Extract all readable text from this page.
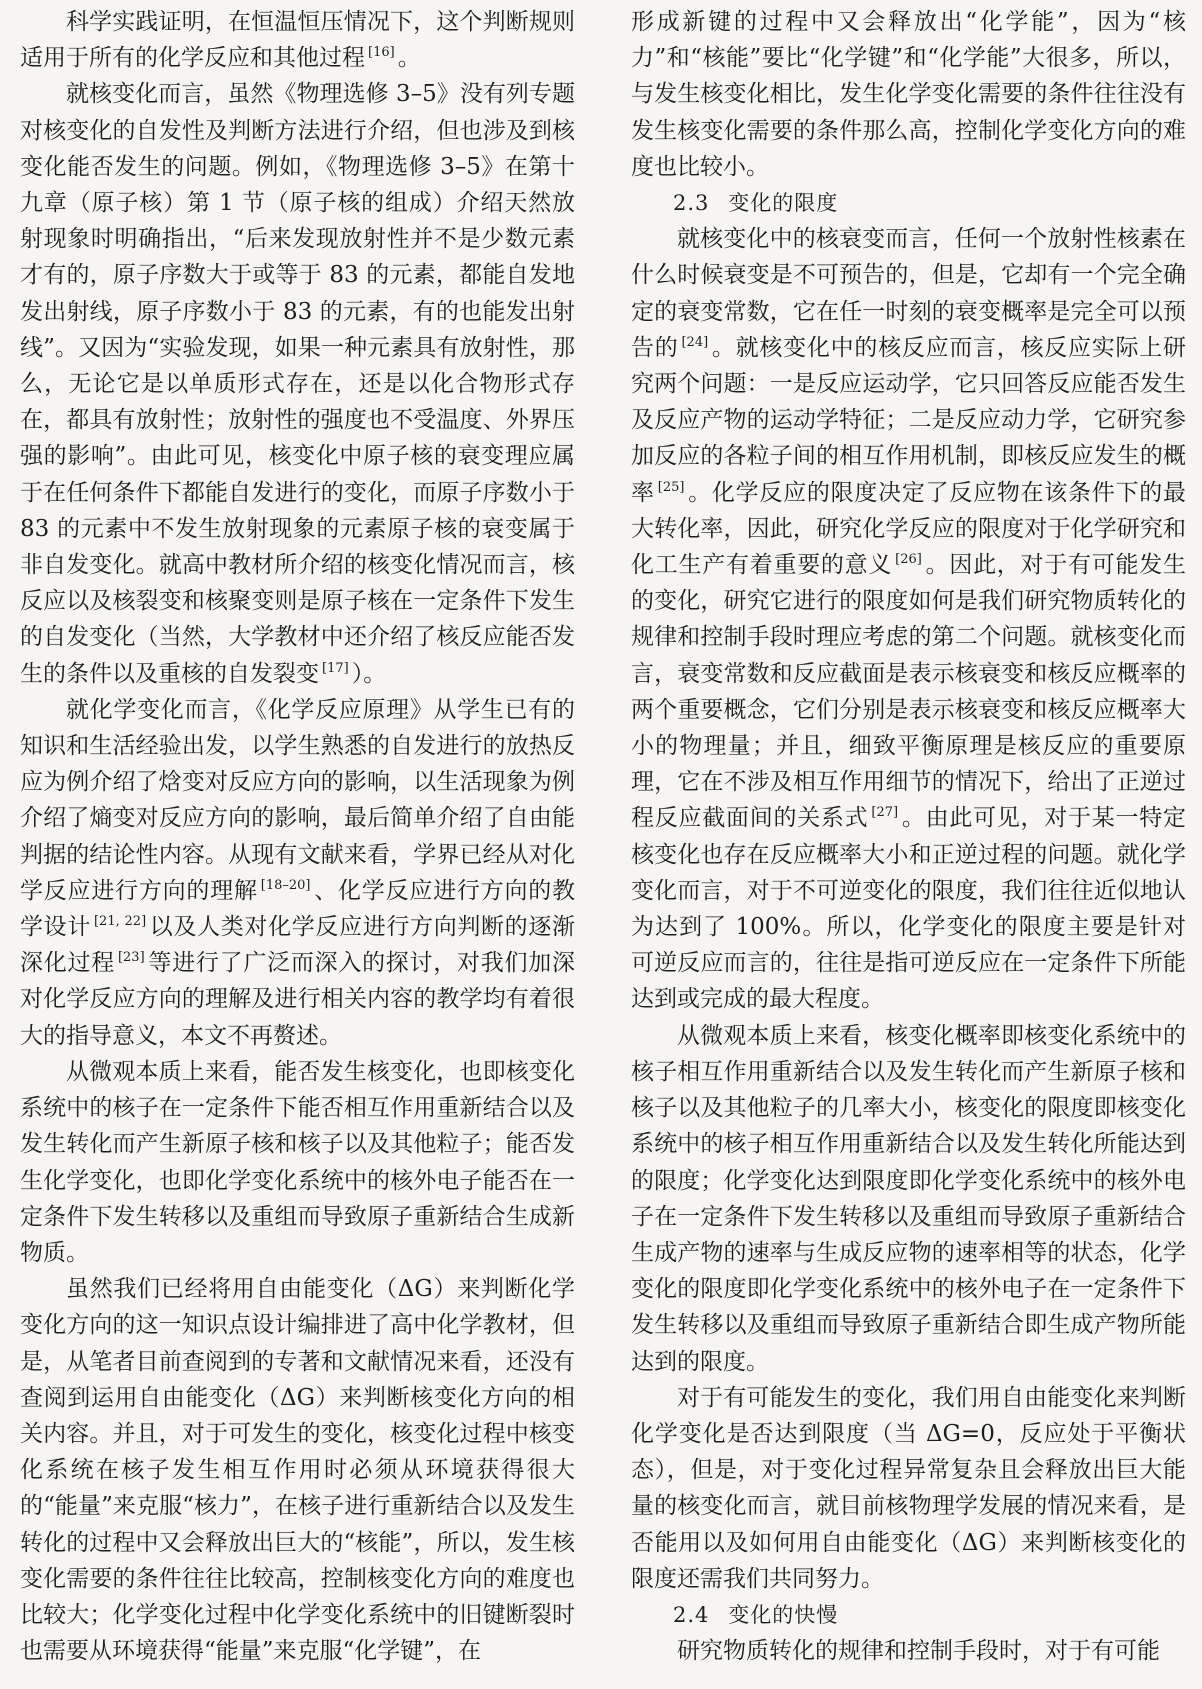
科学实践证明，在恒温恒压情况下，这个判断规则适用于所有的化学反应和其他过程 [16] 。

就核变化而言，虽然《物理选修 3–5》没有列专题对核变化的自发性及判断方法进行介绍，但也涉及到核变化能否发生的问题。例如，《物理选修 3–5》在第十九章（原子核）第 1 节（原子核的组成）介绍天然放射现象时明确指出，“后来发现放射性并不是少数元素才有的，原子序数大于或等于 83 的元素，都能自发地发出射线，原子序数小于 83 的元素，有的也能发出射线”。又因为“实验发现，如果一种元素具有放射性，那么，无论它是以单质形式存在，还是以化合物形式存在，都具有放射性；放射性的强度也不受温度、外界压强的影响”。由此可见，核变化中原子核的衰变理应属于在任何条件下都能自发进行的变化，而原子序数小于 83 的元素中不发生放射现象的元素原子核的衰变属于非自发变化。就高中教材所介绍的核变化情况而言，核反应以及核裂变和核聚变则是原子核在一定条件下发生的自发变化（当然，大学教材中还介绍了核反应能否发生的条件以及重核的自发裂变 [17] ）。

就化学变化而言，《化学反应原理》从学生已有的知识和生活经验出发，以学生熟悉的自发进行的放热反应为例介绍了焓变对反应方向的影响，以生活现象为例介绍了熵变对反应方向的影响，最后简单介绍了自由能判据的结论性内容。从现有文献来看，学界已经从对化学反应进行方向的理解 [18–20] 、化学反应进行方向的教学设计 [21, 22] 以及人类对化学反应进行方向判断的逐渐深化过程 [23] 等进行了广泛而深入的探讨，对我们加深对化学反应方向的理解及进行相关内容的教学均有着很大的指导意义，本文不再赘述。

从微观本质上来看，能否发生核变化，也即核变化系统中的核子在一定条件下能否相互作用重新结合以及发生转化而产生新原子核和核子以及其他粒子；能否发生化学变化，也即化学变化系统中的核外电子能否在一定条件下发生转移以及重组而导致原子重新结合生成新物质。

虽然我们已经将用自由能变化（ΔG）来判断化学变化方向的这一知识点设计编排进了高中化学教材，但是，从笔者目前查阅到的专著和文献情况来看，还没有查阅到运用自由能变化（ΔG）来判断核变化方向的相关内容。并且，对于可发生的变化，核变化过程中核变化系统在核子发生相互作用时必须从环境获得很大的“能量”来克服“核力”，在核子进行重新结合以及发生转化的过程中又会释放出巨大的“核能”，所以，发生核变化需要的条件往往比较高，控制核变化方向的难度也比较大；化学变化过程中化学变化系统中的旧键断裂时也需要从环境获得“能量”来克服“化学键”，在

形成新键的过程中又会释放出“化学能”，因为“核力”和“核能”要比“化学键”和“化学能”大很多，所以，与发生核变化相比，发生化学变化需要的条件往往没有发生核变化需要的条件那么高，控制化学变化方向的难度也比较小。

2.3 变化的限度

就核变化中的核衰变而言，任何一个放射性核素在什么时候衰变是不可预告的，但是，它却有一个完全确定的衰变常数，它在任一时刻的衰变概率是完全可以预告的 [24] 。就核变化中的核反应而言，核反应实际上研究两个问题：一是反应运动学，它只回答反应能否发生及反应产物的运动学特征；二是反应动力学，它研究参加反应的各粒子间的相互作用机制，即核反应发生的概率 [25] 。化学反应的限度决定了反应物在该条件下的最大转化率，因此，研究化学反应的限度对于化学研究和化工生产有着重要的意义 [26] 。因此，对于有可能发生的变化，研究它进行的限度如何是我们研究物质转化的规律和控制手段时理应考虑的第二个问题。就核变化而言，衰变常数和反应截面是表示核衰变和核反应概率的两个重要概念，它们分别是表示核衰变和核反应概率大小的物理量；并且，细致平衡原理是核反应的重要原理，它在不涉及相互作用细节的情况下，给出了正逆过程反应截面间的关系式 [27] 。由此可见，对于某一特定核变化也存在反应概率大小和正逆过程的问题。就化学变化而言，对于不可逆变化的限度，我们往往近似地认为达到了 100%。所以，化学变化的限度主要是针对可逆反应而言的，往往是指可逆反应在一定条件下所能达到或完成的最大程度。

从微观本质上来看，核变化概率即核变化系统中的核子相互作用重新结合以及发生转化而产生新原子核和核子以及其他粒子的几率大小，核变化的限度即核变化系统中的核子相互作用重新结合以及发生转化所能达到的限度；化学变化达到限度即化学变化系统中的核外电子在一定条件下发生转移以及重组而导致原子重新结合生成产物的速率与生成反应物的速率相等的状态，化学变化的限度即化学变化系统中的核外电子在一定条件下发生转移以及重组而导致原子重新结合即生成产物所能达到的限度。

对于有可能发生的变化，我们用自由能变化来判断化学变化是否达到限度（当 ΔG=0，反应处于平衡状态），但是，对于变化过程异常复杂且会释放出巨大能量的核变化而言，就目前核物理学发展的情况来看，是否能用以及如何用自由能变化（ΔG）来判断核变化的限度还需我们共同努力。

2.4 变化的快慢

研究物质转化的规律和控制手段时，对于有可能
